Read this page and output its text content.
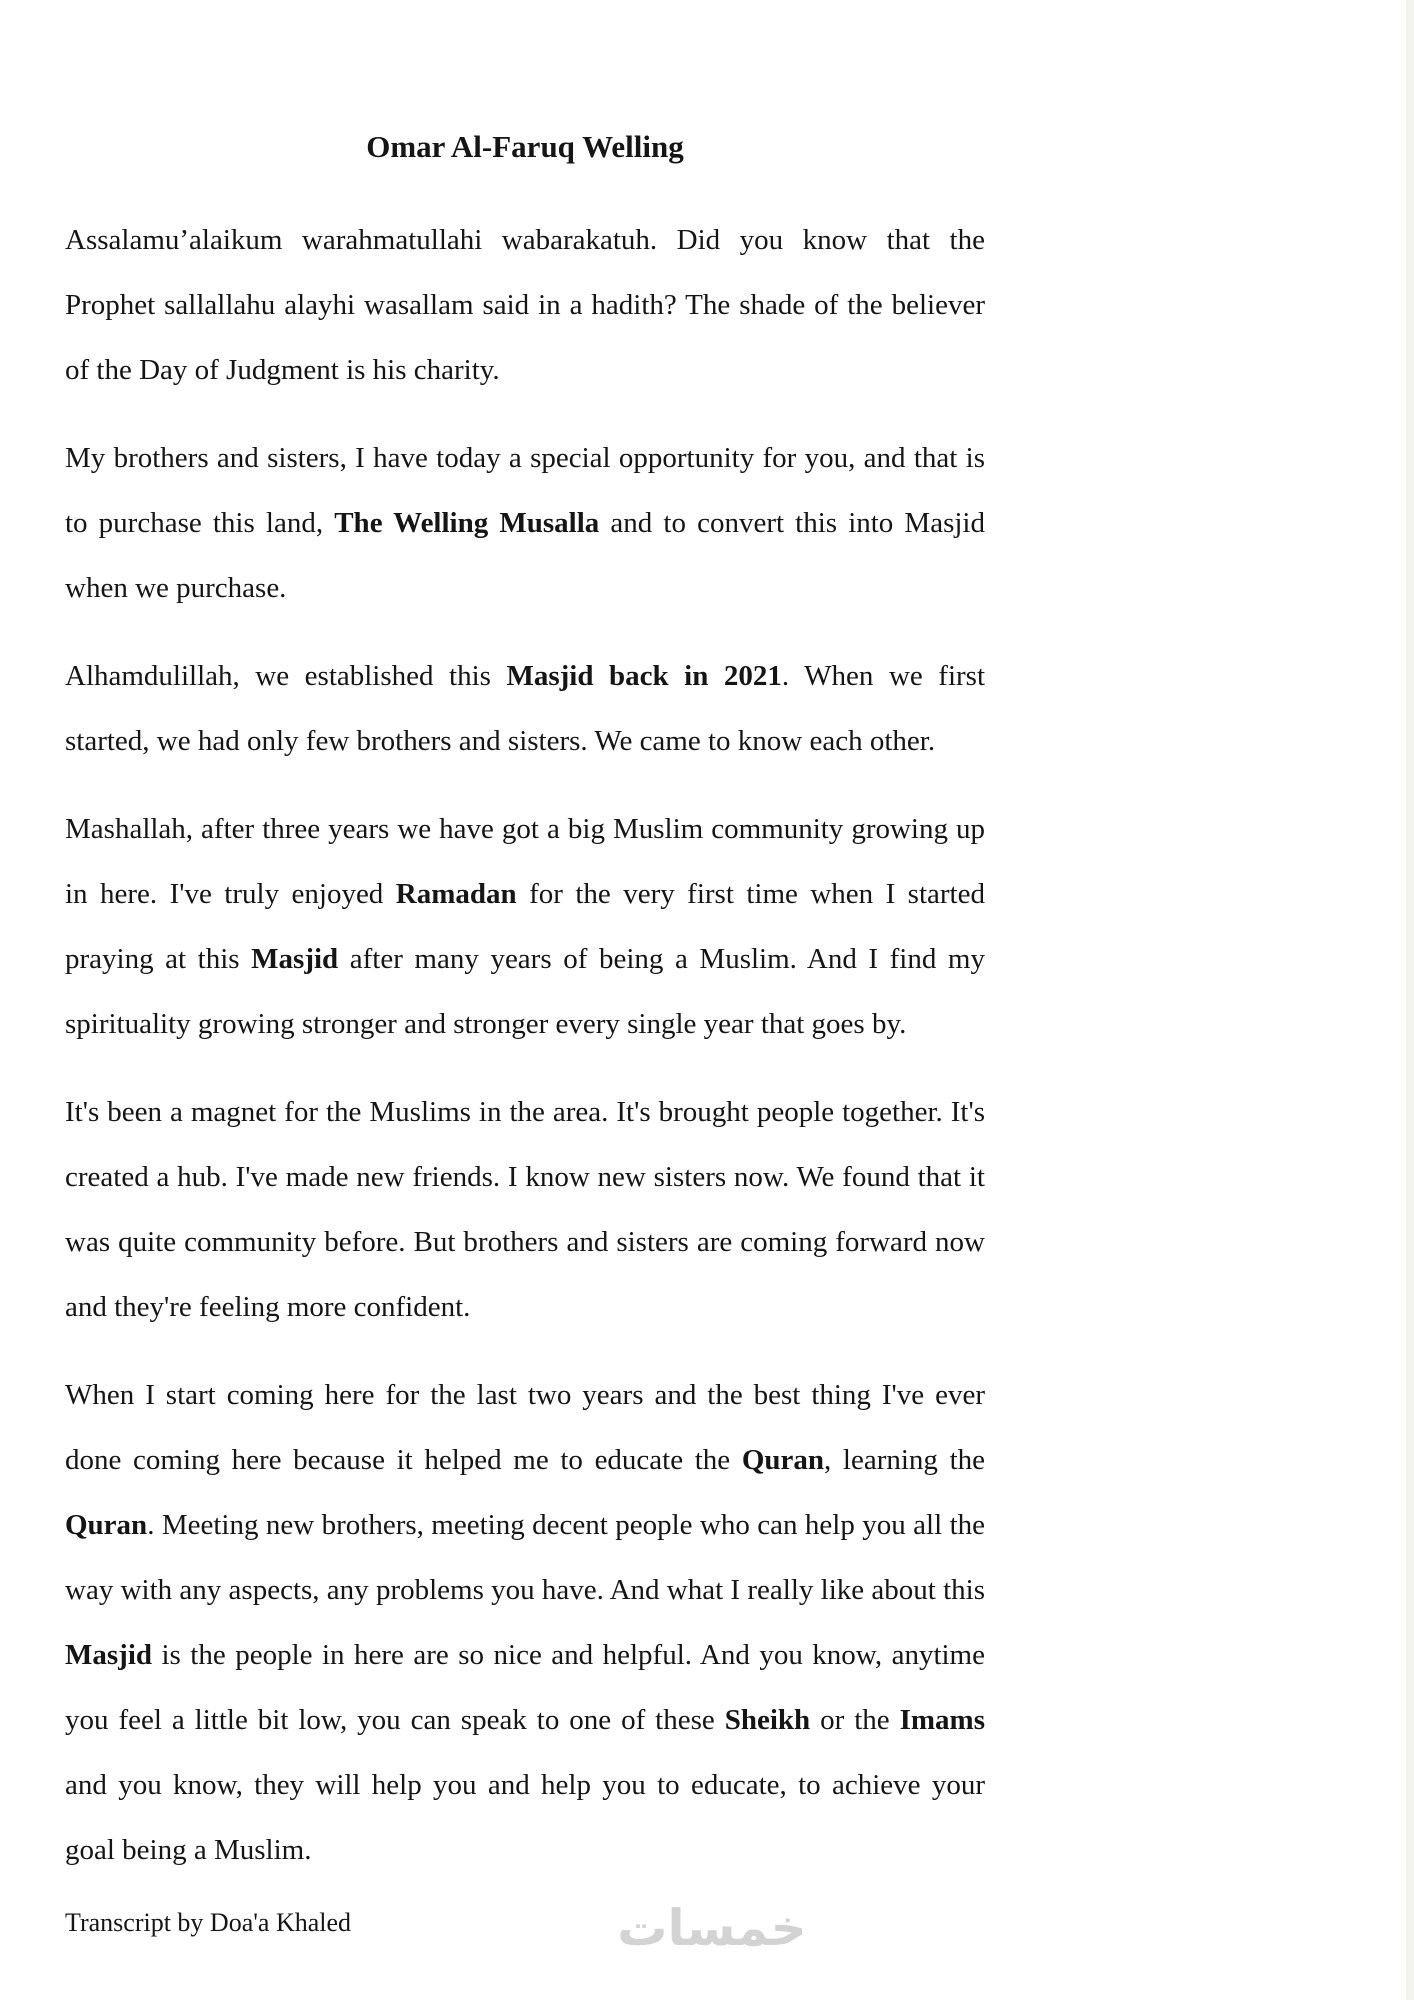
Omar Al-Faruq Welling

Assalamu’alaikum warahmatullahi wabarakatuh. Did you know that the Prophet sallallahu alayhi wasallam said in a hadith? The shade of the believer of the Day of Judgment is his charity.

My brothers and sisters, I have today a special opportunity for you, and that is to purchase this land, The Welling Musalla and to convert this into Masjid when we purchase.

Alhamdulillah, we established this Masjid back in 2021. When we first started, we had only few brothers and sisters. We came to know each other.

Mashallah, after three years we have got a big Muslim community growing up in here. I've truly enjoyed Ramadan for the very first time when I started praying at this Masjid after many years of being a Muslim. And I find my spirituality growing stronger and stronger every single year that goes by.

It's been a magnet for the Muslims in the area. It's brought people together. It's created a hub. I've made new friends. I know new sisters now. We found that it was quite community before. But brothers and sisters are coming forward now and they're feeling more confident.

When I start coming here for the last two years and the best thing I've ever done coming here because it helped me to educate the Quran, learning the Quran. Meeting new brothers, meeting decent people who can help you all the way with any aspects, any problems you have. And what I really like about this Masjid is the people in here are so nice and helpful. And you know, anytime you feel a little bit low, you can speak to one of these Sheikh or the Imams and you know, they will help you and help you to educate, to achieve your goal being a Muslim.

Transcript by Doa'a Khaled	خمسات
